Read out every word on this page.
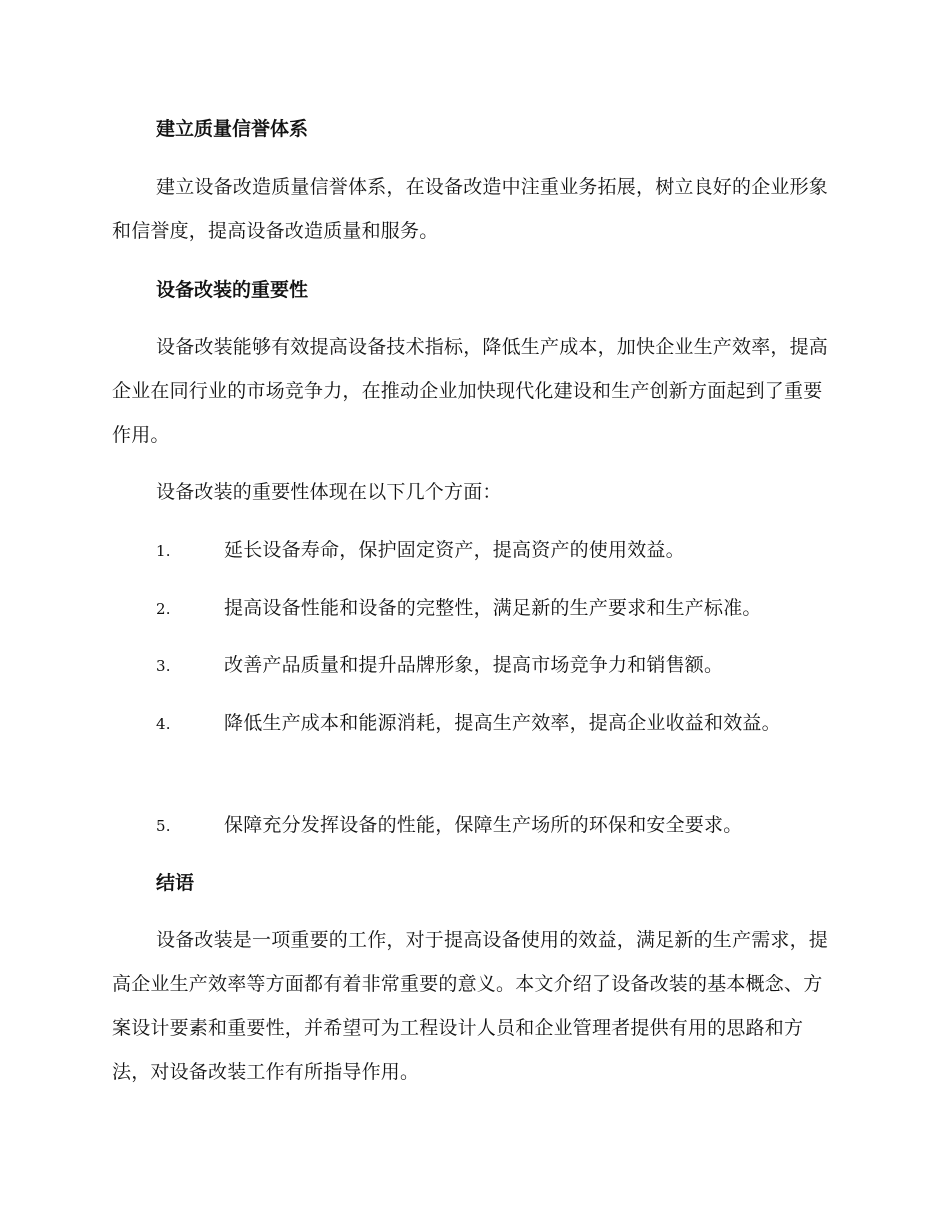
建立质量信誉体系

建立设备改造质量信誉体系，在设备改造中注重业务拓展，树立良好的企业形象和信誉度，提高设备改造质量和服务。

设备改装的重要性

设备改装能够有效提高设备技术指标，降低生产成本，加快企业生产效率，提高企业在同行业的市场竞争力，在推动企业加快现代化建设和生产创新方面起到了重要作用。

设备改装的重要性体现在以下几个方面：

1.	延长设备寿命，保护固定资产，提高资产的使用效益。
2.	提高设备性能和设备的完整性，满足新的生产要求和生产标准。
3.	改善产品质量和提升品牌形象，提高市场竞争力和销售额。
4.	降低生产成本和能源消耗，提高生产效率，提高企业收益和效益。
5.	保障充分发挥设备的性能，保障生产场所的环保和安全要求。
结语

设备改装是一项重要的工作，对于提高设备使用的效益，满足新的生产需求，提高企业生产效率等方面都有着非常重要的意义。本文介绍了设备改装的基本概念、方案设计要素和重要性，并希望可为工程设计人员和企业管理者提供有用的思路和方法，对设备改装工作有所指导作用。
